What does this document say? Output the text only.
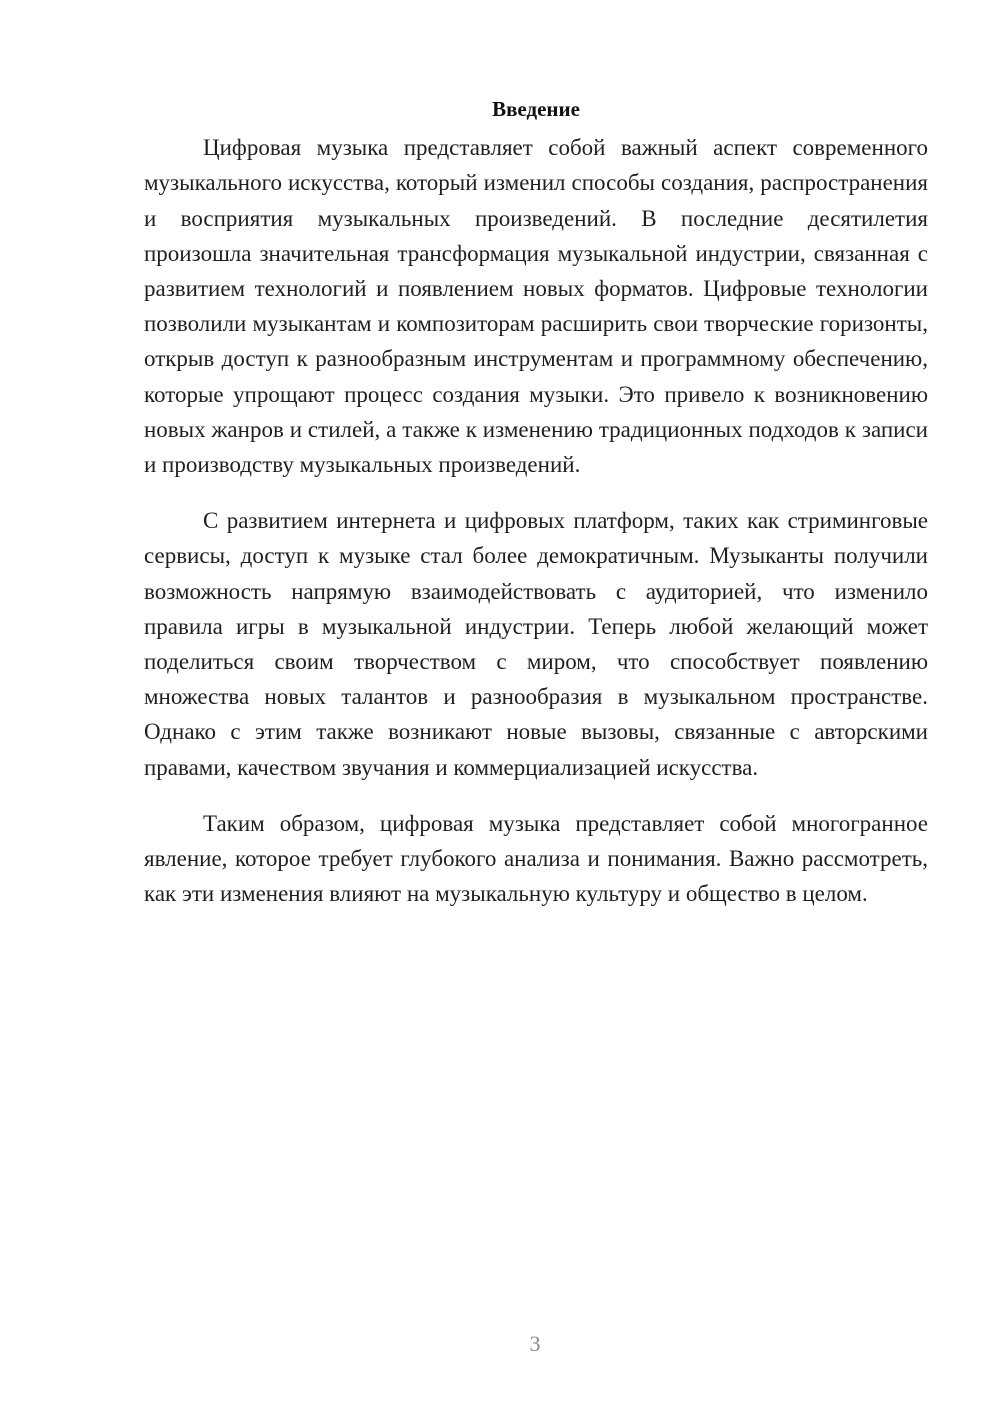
Введение

Цифровая музыка представляет собой важный аспект современного музыкального искусства, который изменил способы создания, распространения и восприятия музыкальных произведений. В последние десятилетия произошла значительная трансформация музыкальной индустрии, связанная с развитием технологий и появлением новых форматов. Цифровые технологии позволили музыкантам и композиторам расширить свои творческие горизонты, открыв доступ к разнообразным инструментам и программному обеспечению, которые упрощают процесс создания музыки. Это привело к возникновению новых жанров и стилей, а также к изменению традиционных подходов к записи и производству музыкальных произведений.

С развитием интернета и цифровых платформ, таких как стриминговые сервисы, доступ к музыке стал более демократичным. Музыканты получили возможность напрямую взаимодействовать с аудиторией, что изменило правила игры в музыкальной индустрии. Теперь любой желающий может поделиться своим творчеством с миром, что способствует появлению множества новых талантов и разнообразия в музыкальном пространстве. Однако с этим также возникают новые вызовы, связанные с авторскими правами, качеством звучания и коммерциализацией искусства.

Таким образом, цифровая музыка представляет собой многогранное явление, которое требует глубокого анализа и понимания. Важно рассмотреть, как эти изменения влияют на музыкальную культуру и общество в целом.

3
